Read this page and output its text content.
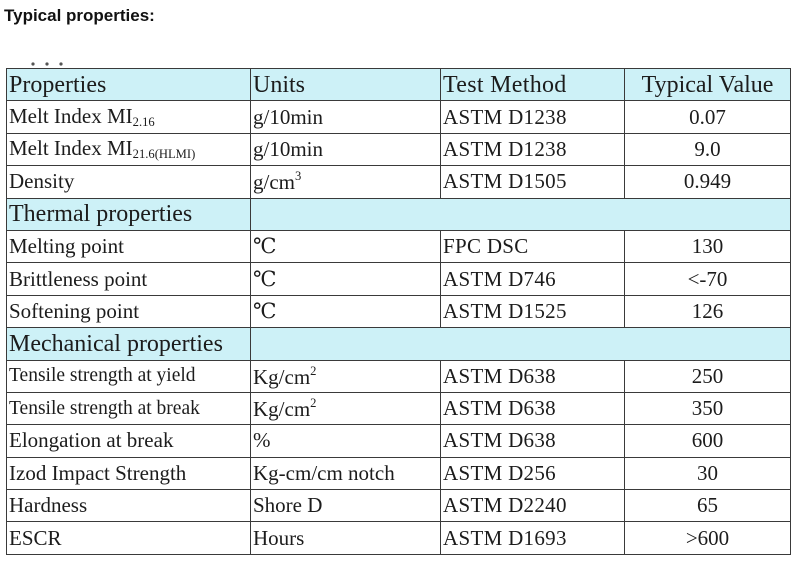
Typical properties:
Properties	Units	Test Method	Typical Value
Melt Index $MI_{2.16}$	g/10min	ASTM D1238	0.07
Melt Index $MI_{21.6(HLMI)}$	g/10min	ASTM D1238	9.0
Density	$g/cm^3$	ASTM D1505	0.949
Thermal properties			
Melting point	℃	FPC DSC	130
Brittleness point	℃	ASTM D746	<-70
Softening point	℃	ASTM D1525	126
Mechanical properties			
Tensile strength at yield	$Kg/cm^2$	ASTM D638	250
Tensile strength at break	$Kg/cm^2$	ASTM D638	350
Elongation at break	%	ASTM D638	600
Izod Impact Strength	Kg-cm/cm notch	ASTM D256	30
Hardness	Shore D	ASTM D2240	65
ESCR	Hours	ASTM D1693	>600
